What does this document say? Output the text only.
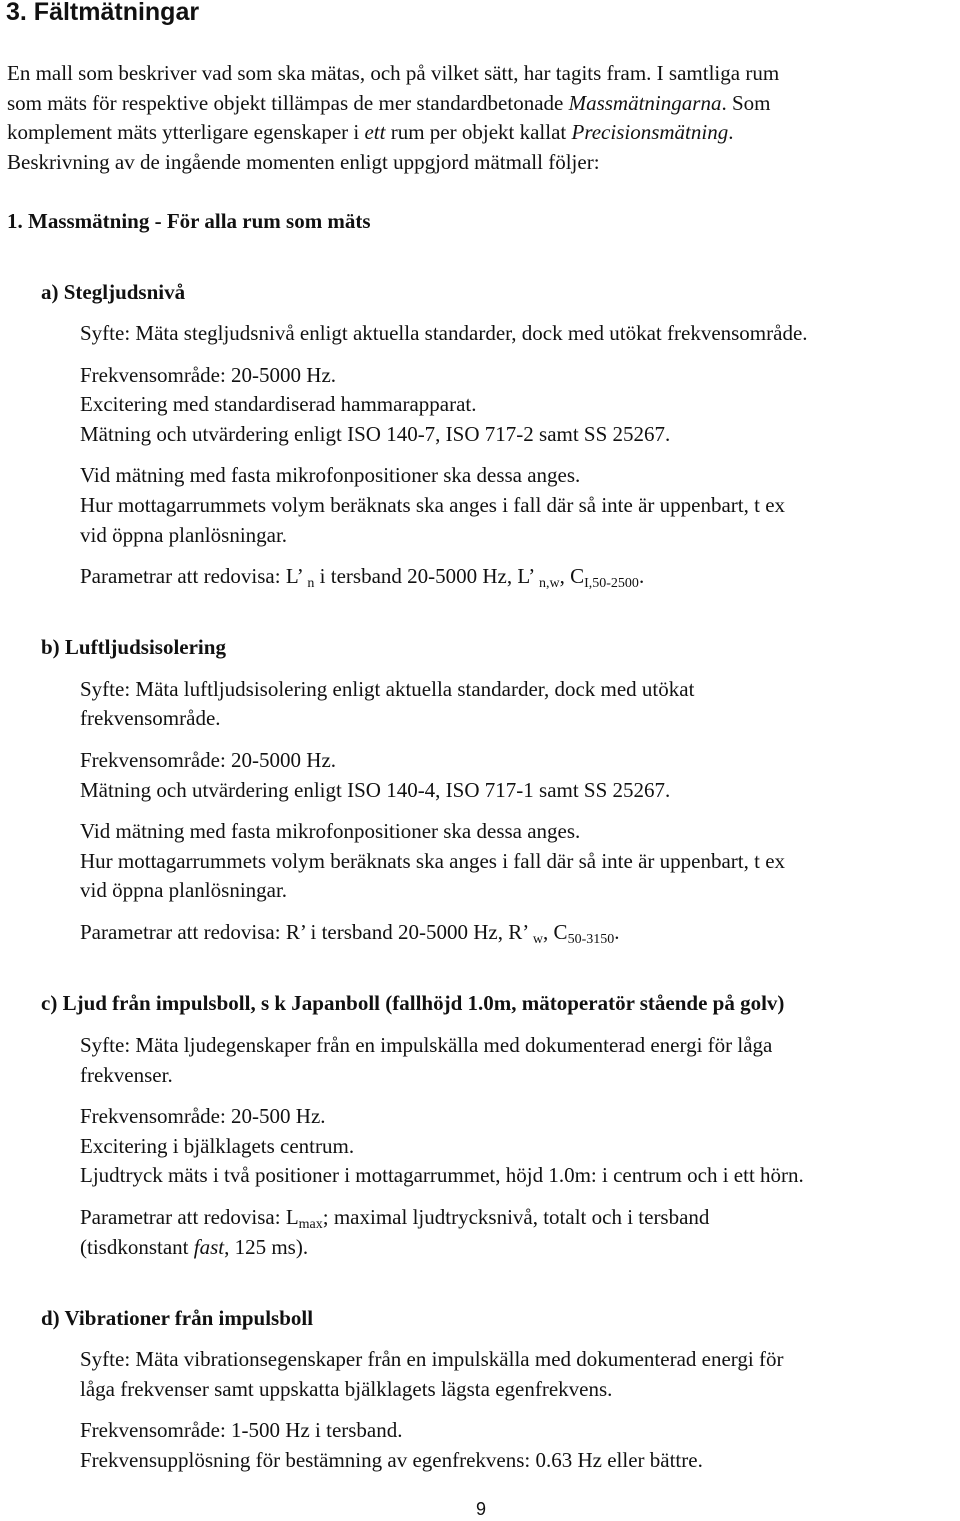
3. Fältmätningar
En mall som beskriver vad som ska mätas, och på vilket sätt, har tagits fram. I samtliga rum
som mäts för respektive objekt tillämpas de mer standardbetonade Massmätningarna. Som
komplement mäts ytterligare egenskaper i ett rum per objekt kallat Precisionsmätning.
Beskrivning av de ingående momenten enligt uppgjord mätmall följer:
1. Massmätning - För alla rum som mäts
a) Stegljudsnivå
Syfte: Mäta stegljudsnivå enligt aktuella standarder, dock med utökat frekvensområde.
Frekvensområde: 20-5000 Hz.
Excitering med standardiserad hammarapparat.
Mätning och utvärdering enligt ISO 140-7, ISO 717-2 samt SS 25267.
Vid mätning med fasta mikrofonpositioner ska dessa anges.
Hur mottagarrummets volym beräknats ska anges i fall där så inte är uppenbart, t ex
vid öppna planlösningar.
Parametrar att redovisa: L’ $_n$ i tersband 20-5000 Hz, L’ $_{n,w}$, $C_{I,50-2500}$.
b) Luftljudsisolering
Syfte: Mäta luftljudsisolering enligt aktuella standarder, dock med utökat
frekvensområde.
Frekvensområde: 20-5000 Hz.
Mätning och utvärdering enligt ISO 140-4, ISO 717-1 samt SS 25267.
Vid mätning med fasta mikrofonpositioner ska dessa anges.
Hur mottagarrummets volym beräknats ska anges i fall där så inte är uppenbart, t ex
vid öppna planlösningar.
Parametrar att redovisa: R’ i tersband 20-5000 Hz, R’ $_w$, $C_{50-3150}$.
c) Ljud från impulsboll, s k Japanboll (fallhöjd 1.0m, mätoperatör stående på golv)
Syfte: Mäta ljudegenskaper från en impulskälla med dokumenterad energi för låga
frekvenser.
Frekvensområde: 20-500 Hz.
Excitering i bjälklagets centrum.
Ljudtryck mäts i två positioner i mottagarrummet, höjd 1.0m: i centrum och i ett hörn.
Parametrar att redovisa: $L_{max}$; maximal ljudtrycksnivå, totalt och i tersband
(tisdkonstant fast, 125 ms).
d) Vibrationer från impulsboll
Syfte: Mäta vibrationsegenskaper från en impulskälla med dokumenterad energi för
låga frekvenser samt uppskatta bjälklagets lägsta egenfrekvens.
Frekvensområde: 1-500 Hz i tersband.
Frekvensupplösning för bestämning av egenfrekvens: 0.63 Hz eller bättre.
9
